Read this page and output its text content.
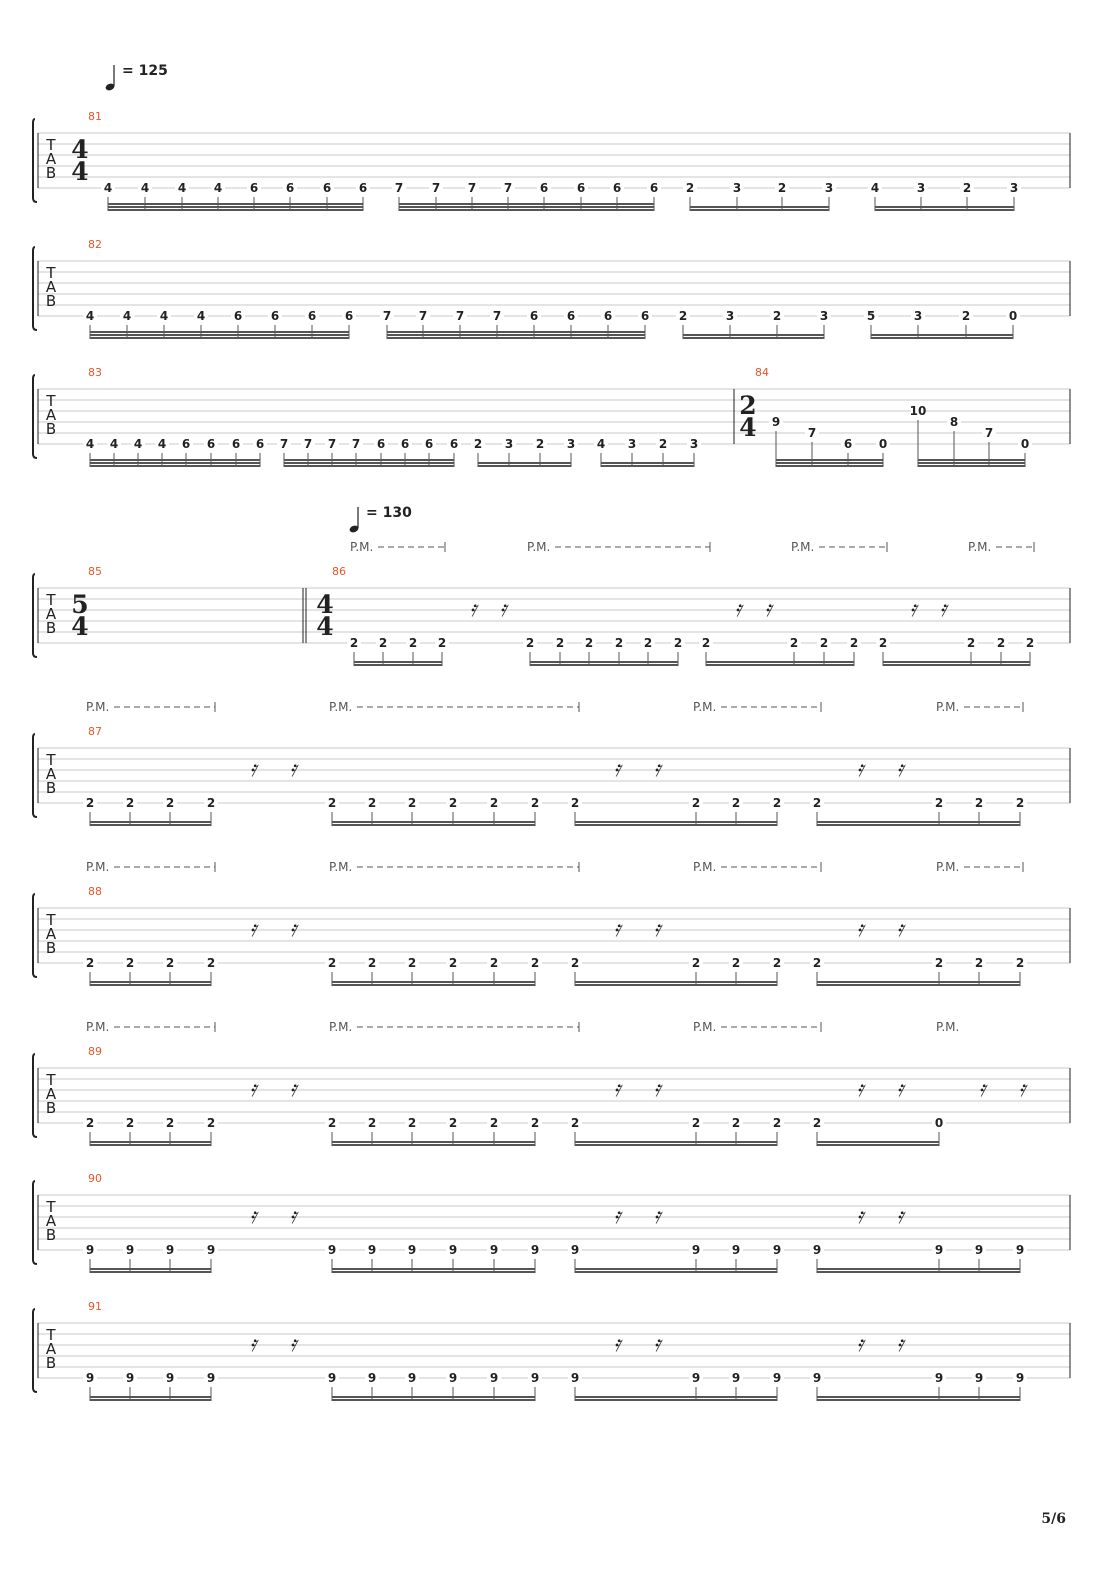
T
A
B
81
4
4
4 4 4 4 6 6 6 6 7 7 7 7 6 6 6 6 2	3	2	3	4	3	2	3
T
A
B
82
4 4 4 4 6 6 6 6 7 7 7 7 6 6 6 6 2	3	2	3	5	3	2	0
T
A
B
83
4 4 4 4 6 6 6 6 7 7 7 7 6 6 6 6 2 3 2 3 4 3 2 3
84
2
4 9
7
6 0
10
8
7
0
T
A
B
85
5
4
86
4
4
2 2 2 2	2 2 2 2 2 2 2	2 2 2 2	2 2 2
𝄿 𝄿	𝄿 𝄿	𝄿 𝄿
P.M.	P.M.	P.M.	P.M.
T
A
B
87
2	2	2	2	2	2	2	2	2	2	2	2	2	2	2	2	2	2
𝄿 𝄿	𝄿 𝄿	𝄿 𝄿
P.M.	P.M.	P.M.	P.M.
T
A
B
88
2	2	2	2	2	2	2	2	2	2	2	2	2	2	2	2	2	2
𝄿 𝄿	𝄿 𝄿	𝄿 𝄿
P.M.	P.M.	P.M.	P.M.
T
A
B
89
2	2	2	2	2	2	2	2	2	2	2	2	2	2	2	0
𝄿 𝄿	𝄿 𝄿	𝄿 𝄿	𝄿 𝄿
P.M.	P.M.	P.M.	P.M.
T
A
B
90
9	9	9	9	9	9	9	9	9	9	9	9	9	9	9	9	9	9
𝄿 𝄿	𝄿 𝄿	𝄿 𝄿
T
A
B
91
9	9	9	9	9	9	9	9	9	9	9	9	9	9	9	9	9	9
𝄿 𝄿	𝄿 𝄿	𝄿 𝄿
= 125
= 130
5/6
